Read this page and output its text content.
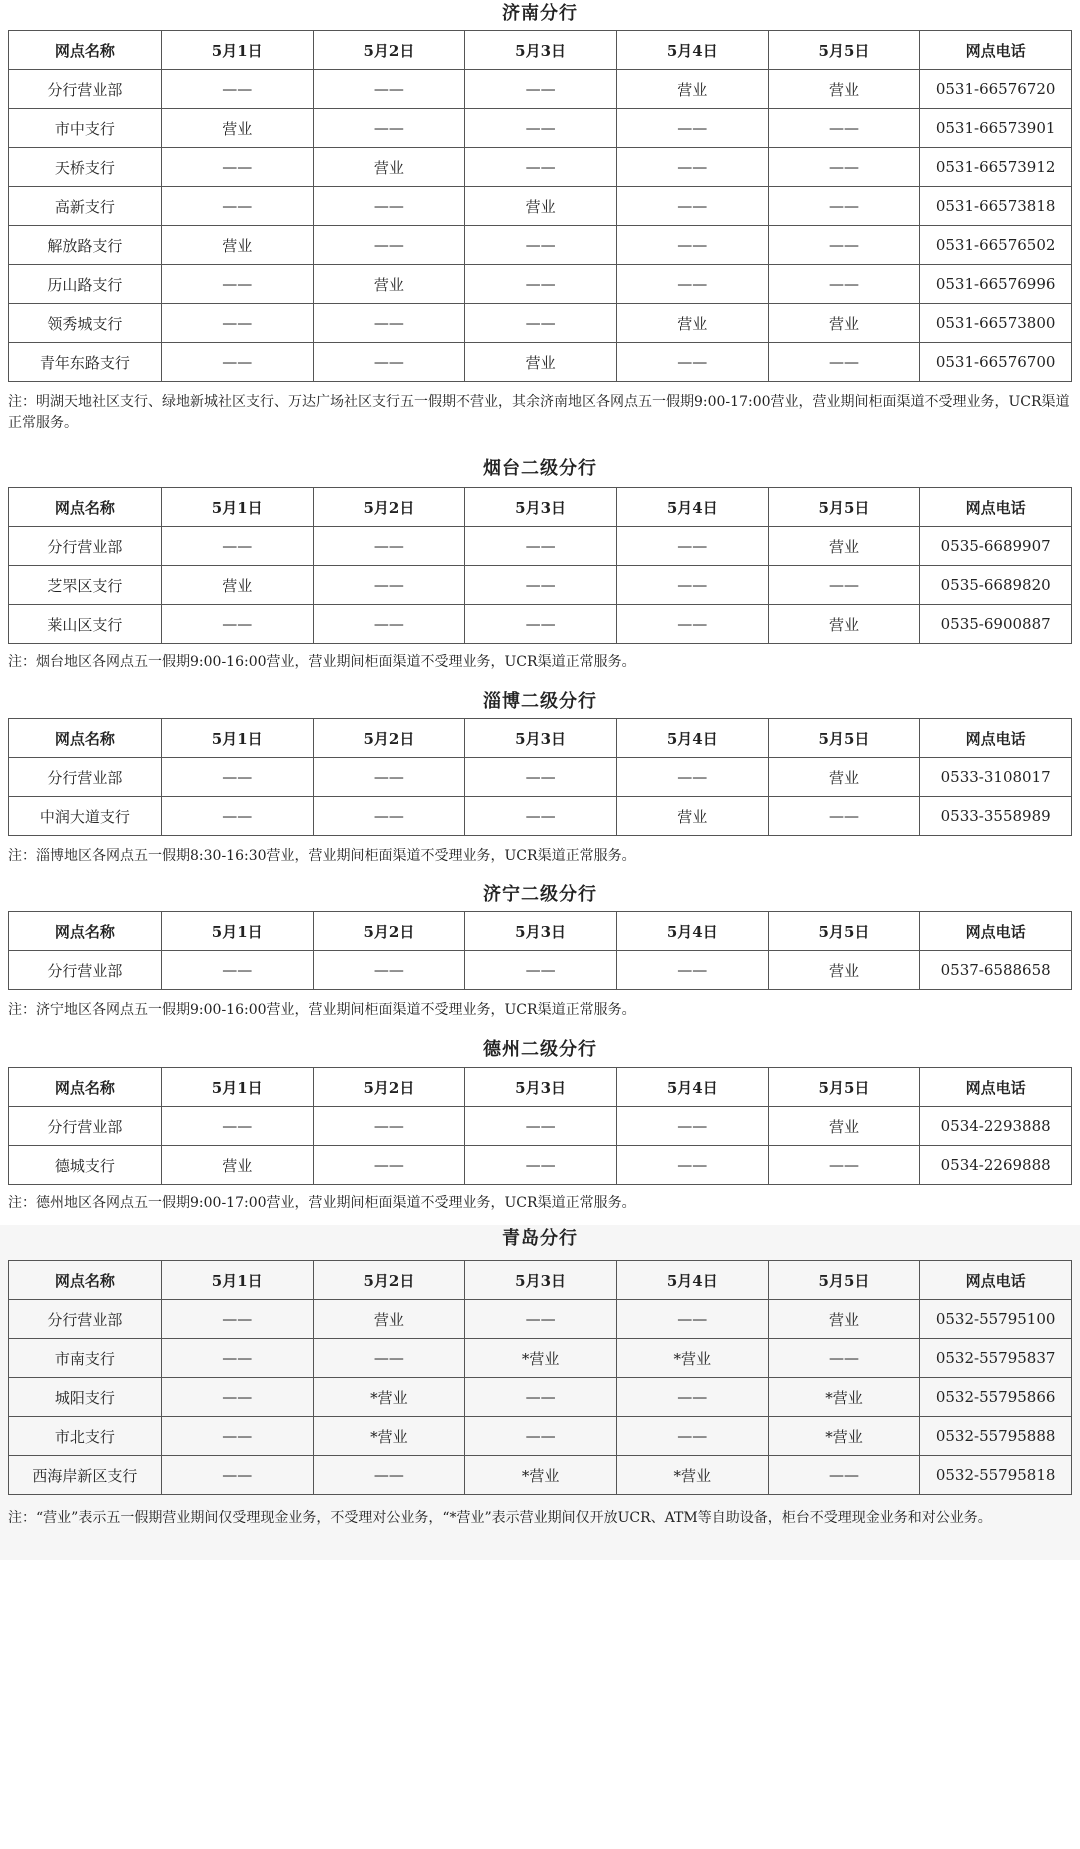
济南分行
网点名称	5月1日	5月2日	5月3日	5月4日	5月5日	网点电话
分行营业部	——	——	——	营业	营业	0531-66576720
市中支行	营业	——	——	——	——	0531-66573901
天桥支行	——	营业	——	——	——	0531-66573912
高新支行	——	——	营业	——	——	0531-66573818
解放路支行	营业	——	——	——	——	0531-66576502
历山路支行	——	营业	——	——	——	0531-66576996
领秀城支行	——	——	——	营业	营业	0531-66573800
青年东路支行	——	——	营业	——	——	0531-66576700
注：明湖天地社区支行、绿地新城社区支行、万达广场社区支行五一假期不营业，其余济南地区各网点五一假期9:00-17:00营业，营业期间柜面渠道不受理业务，UCR渠道正常服务。
烟台二级分行
网点名称	5月1日	5月2日	5月3日	5月4日	5月5日	网点电话
分行营业部	——	——	——	——	营业	0535-6689907
芝罘区支行	营业	——	——	——	——	0535-6689820
莱山区支行	——	——	——	——	营业	0535-6900887
注：烟台地区各网点五一假期9:00-16:00营业，营业期间柜面渠道不受理业务，UCR渠道正常服务。
淄博二级分行
网点名称	5月1日	5月2日	5月3日	5月4日	5月5日	网点电话
分行营业部	——	——	——	——	营业	0533-3108017
中润大道支行	——	——	——	营业	——	0533-3558989
注：淄博地区各网点五一假期8:30-16:30营业，营业期间柜面渠道不受理业务，UCR渠道正常服务。
济宁二级分行
网点名称	5月1日	5月2日	5月3日	5月4日	5月5日	网点电话
分行营业部	——	——	——	——	营业	0537-6588658
注：济宁地区各网点五一假期9:00-16:00营业，营业期间柜面渠道不受理业务，UCR渠道正常服务。
德州二级分行
网点名称	5月1日	5月2日	5月3日	5月4日	5月5日	网点电话
分行营业部	——	——	——	——	营业	0534-2293888
德城支行	营业	——	——	——	——	0534-2269888
注：德州地区各网点五一假期9:00-17:00营业，营业期间柜面渠道不受理业务，UCR渠道正常服务。
青岛分行
网点名称	5月1日	5月2日	5月3日	5月4日	5月5日	网点电话
分行营业部	——	营业	——	——	营业	0532-55795100
市南支行	——	——	*营业	*营业	——	0532-55795837
城阳支行	——	*营业	——	——	*营业	0532-55795866
市北支行	——	*营业	——	——	*营业	0532-55795888
西海岸新区支行	——	——	*营业	*营业	——	0532-55795818
注：“营业”表示五一假期营业期间仅受理现金业务，不受理对公业务，“*营业”表示营业期间仅开放UCR、ATM等自助设备，柜台不受理现金业务和对公业务。
